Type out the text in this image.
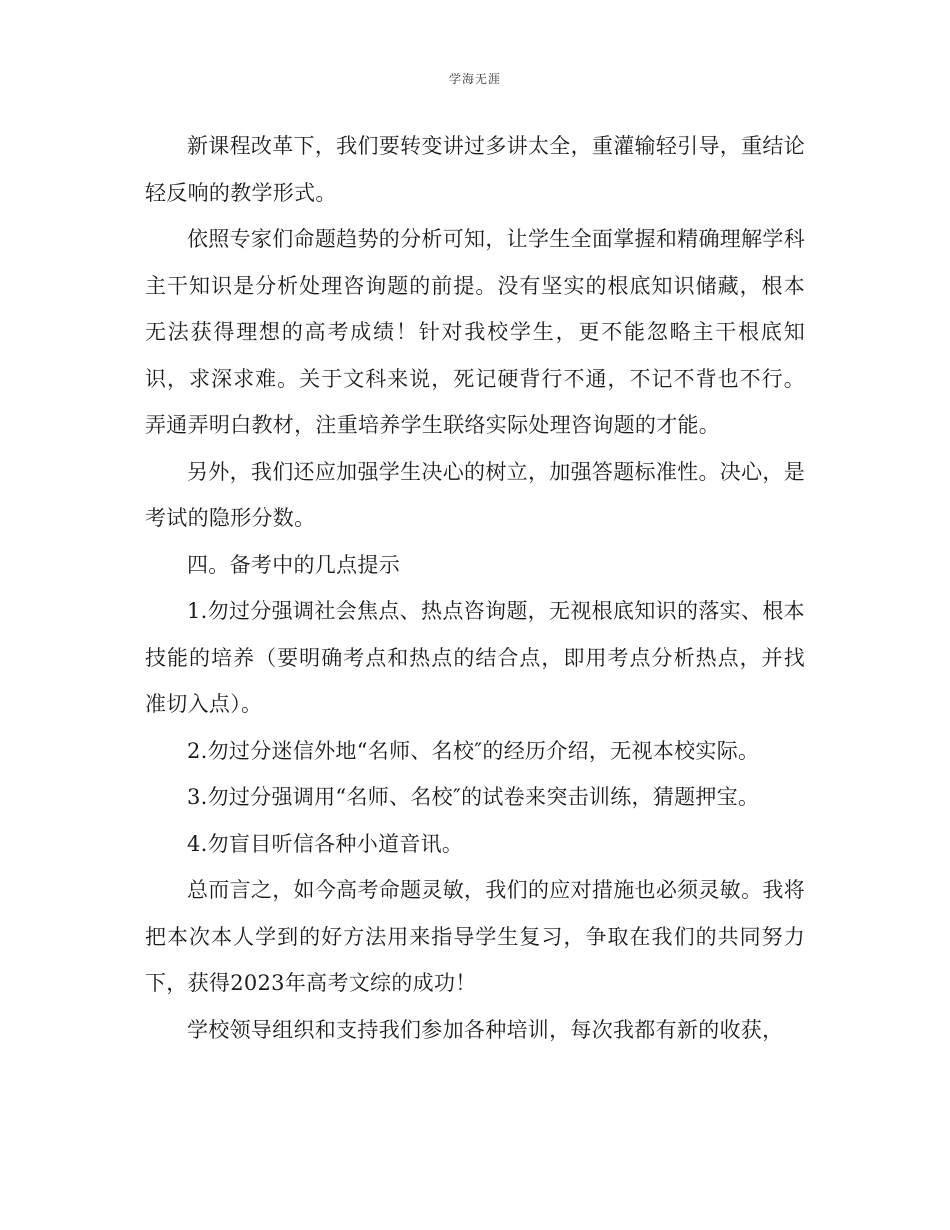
学海无涯

新课程改革下，我们要转变讲过多讲太全，重灌输轻引导，重结论轻反响的教学形式。

依照专家们命题趋势的分析可知，让学生全面掌握和精确理解学科主干知识是分析处理咨询题的前提。没有坚实的根底知识储藏，根本无法获得理想的高考成绩！针对我校学生，更不能忽略主干根底知识，求深求难。关于文科来说，死记硬背行不通，不记不背也不行。弄通弄明白教材，注重培养学生联络实际处理咨询题的才能。

另外，我们还应加强学生决心的树立，加强答题标准性。决心，是考试的隐形分数。

四。备考中的几点提示

1.勿过分强调社会焦点、热点咨询题，无视根底知识的落实、根本技能的培养（要明确考点和热点的结合点，即用考点分析热点，并找准切入点）。

2.勿过分迷信外地“名师、名校″的经历介绍，无视本校实际。

3.勿过分强调用“名师、名校″的试卷来突击训练，猜题押宝。

4.勿盲目听信各种小道音讯。

总而言之，如今高考命题灵敏，我们的应对措施也必须灵敏。我将把本次本人学到的好方法用来指导学生复习，争取在我们的共同努力下，获得2023年高考文综的成功！

学校领导组织和支持我们参加各种培训，每次我都有新的收获，
